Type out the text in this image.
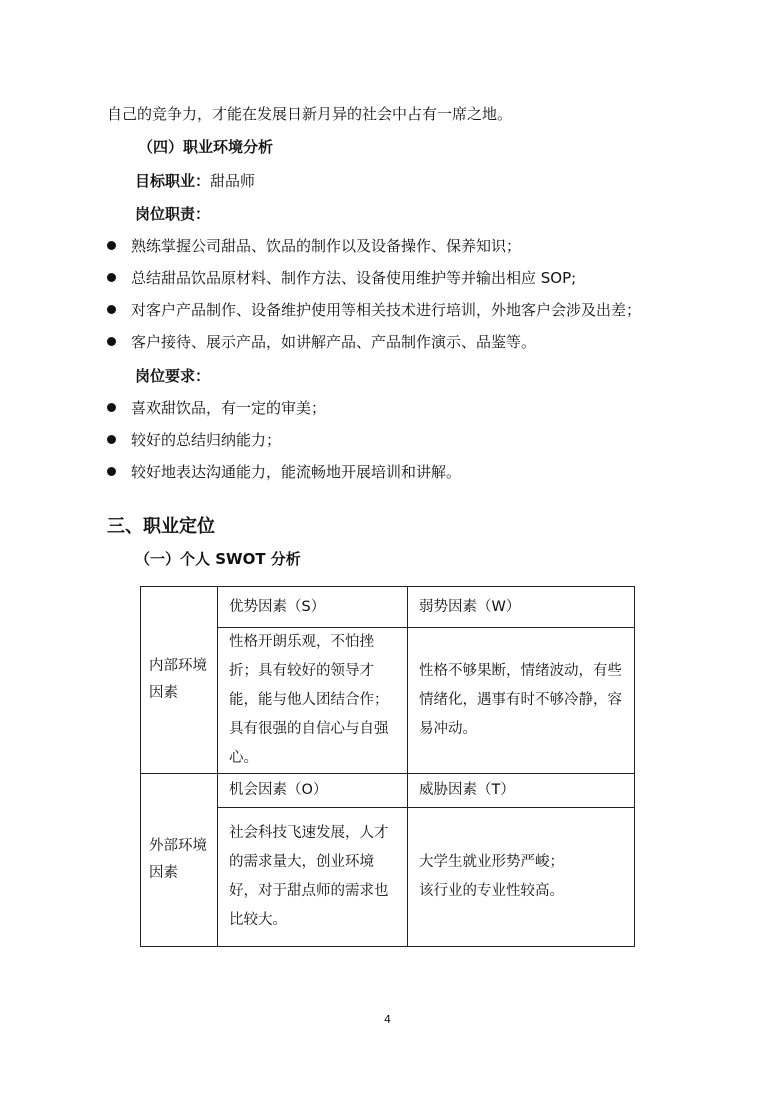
自己的竞争力，才能在发展日新月异的社会中占有一席之地。
（四）职业环境分析
目标职业：甜品师
岗位职责：
熟练掌握公司甜品、饮品的制作以及设备操作、保养知识；
总结甜品饮品原材料、制作方法、设备使用维护等并输出相应 SOP;
对客户产品制作、设备维护使用等相关技术进行培训，外地客户会涉及出差；
客户接待、展示产品，如讲解产品、产品制作演示、品鉴等。
岗位要求：
喜欢甜饮品，有一定的审美；
较好的总结归纳能力；
较好地表达沟通能力，能流畅地开展培训和讲解。
三、职业定位
（一）个人 SWOT 分析
内部环境因素	优势因素（S）	弱势因素（W）
	性格开朗乐观，不怕挫折；具有较好的领导才能，能与他人团结合作；具有很强的自信心与自强心。	性格不够果断，情绪波动，有些情绪化，遇事有时不够冷静，容易冲动。
外部环境因素	机会因素（O）	威胁因素（T）
	社会科技飞速发展，人才的需求量大，创业环境好，对于甜点师的需求也比较大。	大学生就业形势严峻；
该行业的专业性较高。
4
